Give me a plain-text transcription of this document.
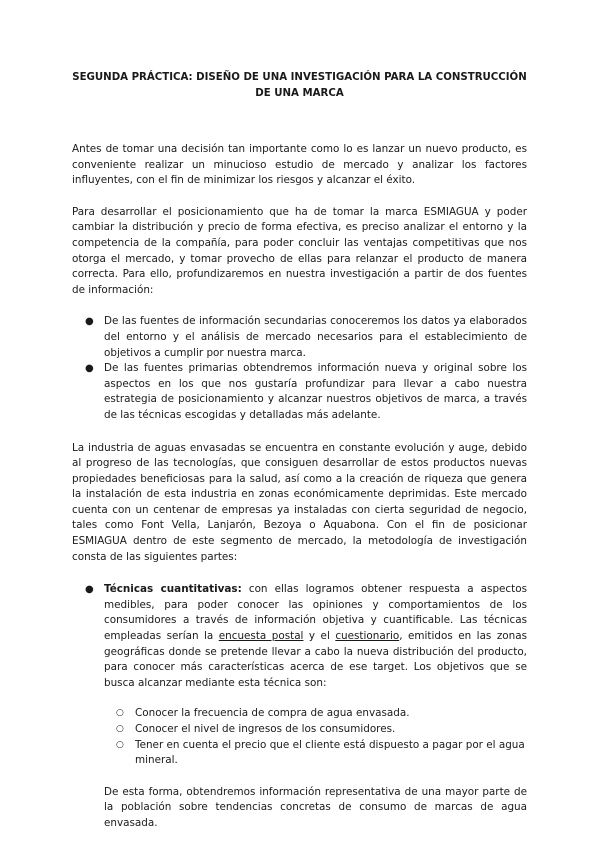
SEGUNDA PRÁCTICA: DISEÑO DE UNA INVESTIGACIÓN PARA LA CONSTRUCCIÓN DE UNA MARCA

Antes de tomar una decisión tan importante como lo es lanzar un nuevo producto, es conveniente realizar un minucioso estudio de mercado y analizar los factores influyentes, con el fin de minimizar los riesgos y alcanzar el éxito.

Para desarrollar el posicionamiento que ha de tomar la marca ESMIAGUA y poder cambiar la distribución y precio de forma efectiva, es preciso analizar el entorno y la competencia de la compañía, para poder concluir las ventajas competitivas que nos otorga el mercado, y tomar provecho de ellas para relanzar el producto de manera correcta. Para ello, profundizaremos en nuestra investigación a partir de dos fuentes de información:

● De las fuentes de información secundarias conoceremos los datos ya elaborados del entorno y el análisis de mercado necesarios para el establecimiento de objetivos a cumplir por nuestra marca.
● De las fuentes primarias obtendremos información nueva y original sobre los aspectos en los que nos gustaría profundizar para llevar a cabo nuestra estrategia de posicionamiento y alcanzar nuestros objetivos de marca, a través de las técnicas escogidas y detalladas más adelante.

La industria de aguas envasadas se encuentra en constante evolución y auge, debido al progreso de las tecnologías, que consiguen desarrollar de estos productos nuevas propiedades beneficiosas para la salud, así como a la creación de riqueza que genera la instalación de esta industria en zonas económicamente deprimidas. Este mercado cuenta con un centenar de empresas ya instaladas con cierta seguridad de negocio, tales como Font Vella, Lanjarón, Bezoya o Aquabona. Con el fin de posicionar ESMIAGUA dentro de este segmento de mercado, la metodología de investigación consta de las siguientes partes:

● Técnicas cuantitativas: con ellas logramos obtener respuesta a aspectos medibles, para poder conocer las opiniones y comportamientos de los consumidores a través de información objetiva y cuantificable. Las técnicas empleadas serían la encuesta postal y el cuestionario, emitidos en las zonas geográficas donde se pretende llevar a cabo la nueva distribución del producto, para conocer más características acerca de ese target. Los objetivos que se busca alcanzar mediante esta técnica son:
○ Conocer la frecuencia de compra de agua envasada.
○ Conocer el nivel de ingresos de los consumidores.
○ Tener en cuenta el precio que el cliente está dispuesto a pagar por el agua mineral.

De esta forma, obtendremos información representativa de una mayor parte de la población sobre tendencias concretas de consumo de marcas de agua envasada.
